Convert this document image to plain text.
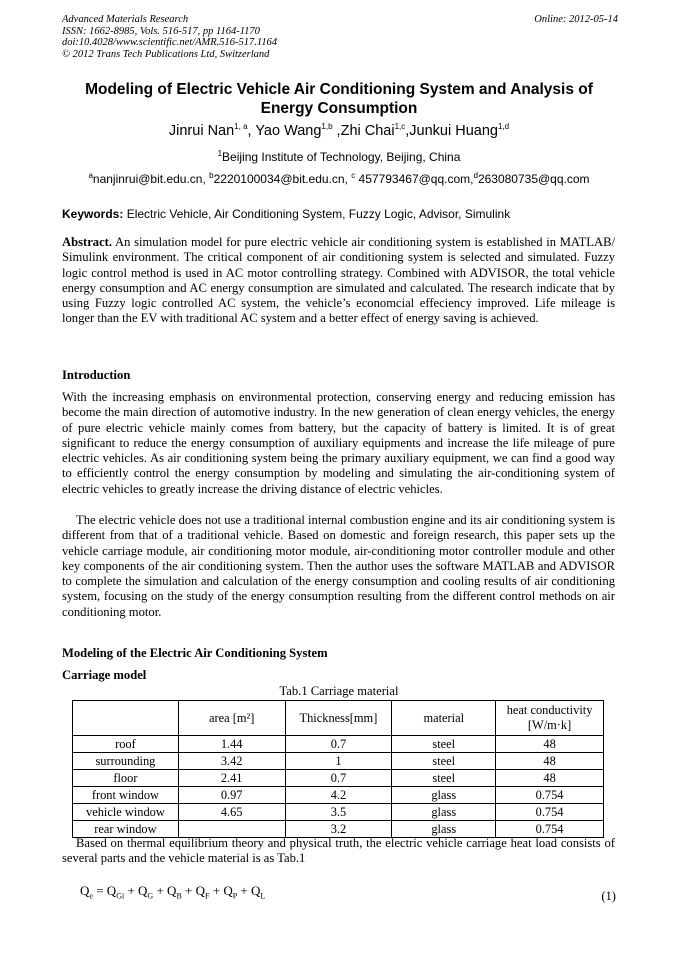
Advanced Materials Research
ISSN: 1662-8985, Vols. 516-517, pp 1164-1170
doi:10.4028/www.scientific.net/AMR.516-517.1164
© 2012 Trans Tech Publications Ltd, Switzerland
Online: 2012-05-14
Modeling of Electric Vehicle Air Conditioning System and Analysis of Energy Consumption
Jinrui Nan$^{1, a}$, Yao Wang$^{1,b}$ ,Zhi Chai$^{1,c}$,Junkui Huang$^{1,d}$
$^1$Beijing Institute of Technology, Beijing, China
$^a$nanjinrui@bit.edu.cn, $^b$2220100034@bit.edu.cn, $^c$ 457793467@qq.com,$^d$263080735@qq.com
Keywords: Electric Vehicle, Air Conditioning System, Fuzzy Logic, Advisor, Simulink
Abstract. An simulation model for pure electric vehicle air conditioning system is established in MATLAB/ Simulink environment. The critical component of air conditioning system is selected and simulated. Fuzzy logic control method is used in AC motor controlling strategy. Combined with ADVISOR, the total vehicle energy consumption and AC energy consumption are simulated and calculated. The research indicate that by using Fuzzy logic controlled AC system, the vehicle’s economcial effeciency improved. Life mileage is longer than the EV with traditional AC system and a better effect of energy saving is achieved.
Introduction
With the increasing emphasis on environmental protection, conserving energy and reducing emission has become the main direction of automotive industry. In the new generation of clean energy vehicles, the energy of pure electric vehicle mainly comes from battery, but the capacity of battery is limited. It is of great significant to reduce the energy consumption of auxiliary equipments and increase the life mileage of pure electric vehicles. As air conditioning system being the primary auxiliary equipment, we can find a good way to efficiently control the energy consumption by modeling and simulating the air-conditioning system of electric vehicles to greatly increase the driving distance of electric vehicles.
The electric vehicle does not use a traditional internal combustion engine and its air conditioning system is different from that of a traditional vehicle. Based on domestic and foreign research, this paper sets up the vehicle carriage module, air conditioning motor module, air-conditioning motor controller module and other key components of the air conditioning system. Then the author uses the software MATLAB and ADVISOR to complete the simulation and calculation of the energy consumption and cooling results of air conditioning system, focusing on the study of the energy consumption resulting from the different control methods on air conditioning motor.
Modeling of the Electric Air Conditioning System
Carriage model
Tab.1 Carriage material
	area [m²]	Thickness[mm]	material	heat conductivity [W/m·k]
roof	1.44	0.7	steel	48
surrounding	3.42	1	steel	48
floor	2.41	0.7	steel	48
front window	0.97	4.2	glass	0.754
vehicle window	4.65	3.5	glass	0.754
rear window		3.2	glass	0.754
Based on thermal equilibrium theory and physical truth, the electric vehicle carriage heat load consists of several parts and the vehicle material is as Tab.1
$Q_e = Q_{Gi} + Q_G + Q_B + Q_F + Q_P + Q_L$	(1)
